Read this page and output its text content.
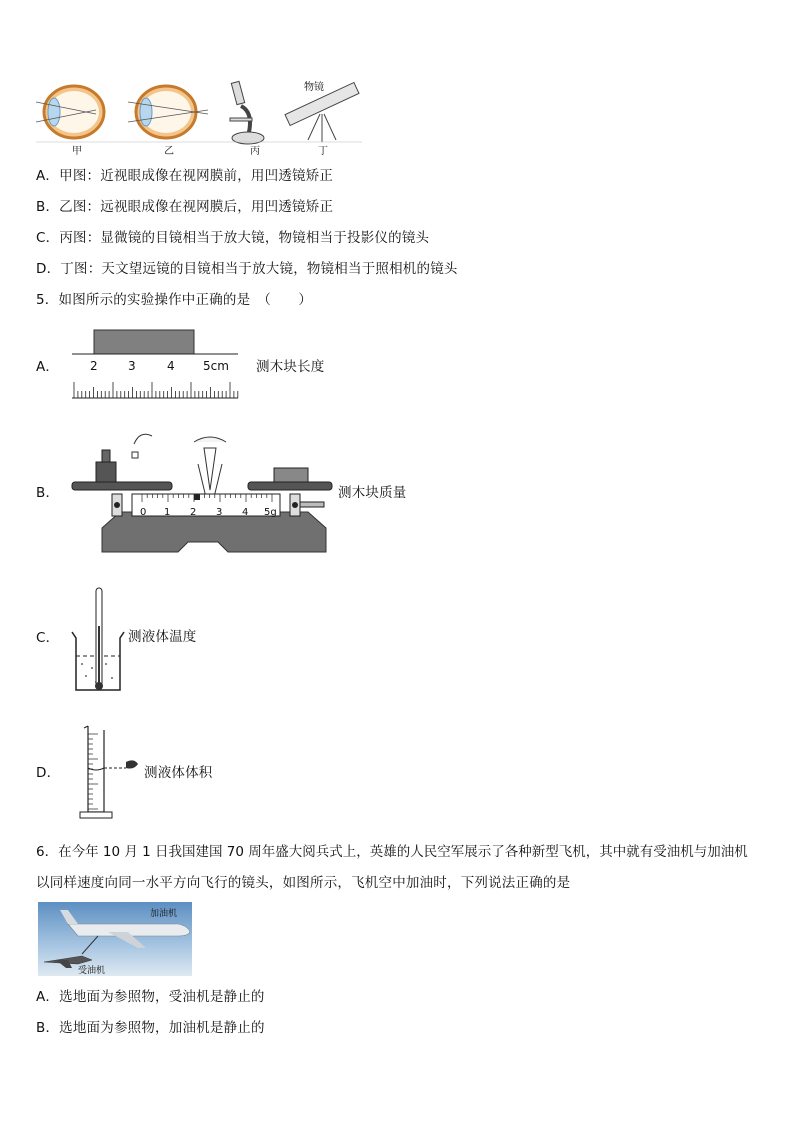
物镜
甲	乙	丙	丁
A．甲图：近视眼成像在视网膜前，用凹透镜矫正
B．乙图：远视眼成像在视网膜后，用凹透镜矫正
C．丙图：显微镜的目镜相当于放大镜，物镜相当于投影仪的镜头
D．丁图：天文望远镜的目镜相当于放大镜，物镜相当于照相机的镜头
5．如图所示的实验操作中正确的是　（　　）
A．	2	3	4 5cm 测木块长度
B．
0 1 2 3 4 5g
测木块质量
C．	测液体温度
D．	测液体体积
6．在今年 10 月 1 日我国建国 70 周年盛大阅兵式上，英雄的人民空军展示了各种新型飞机，其中就有受油机与加油机
以同样速度向同一水平方向飞行的镜头，如图所示，飞机空中加油时，下列说法正确的是
加油机
受油机
A．选地面为参照物，受油机是静止的
B．选地面为参照物，加油机是静止的
